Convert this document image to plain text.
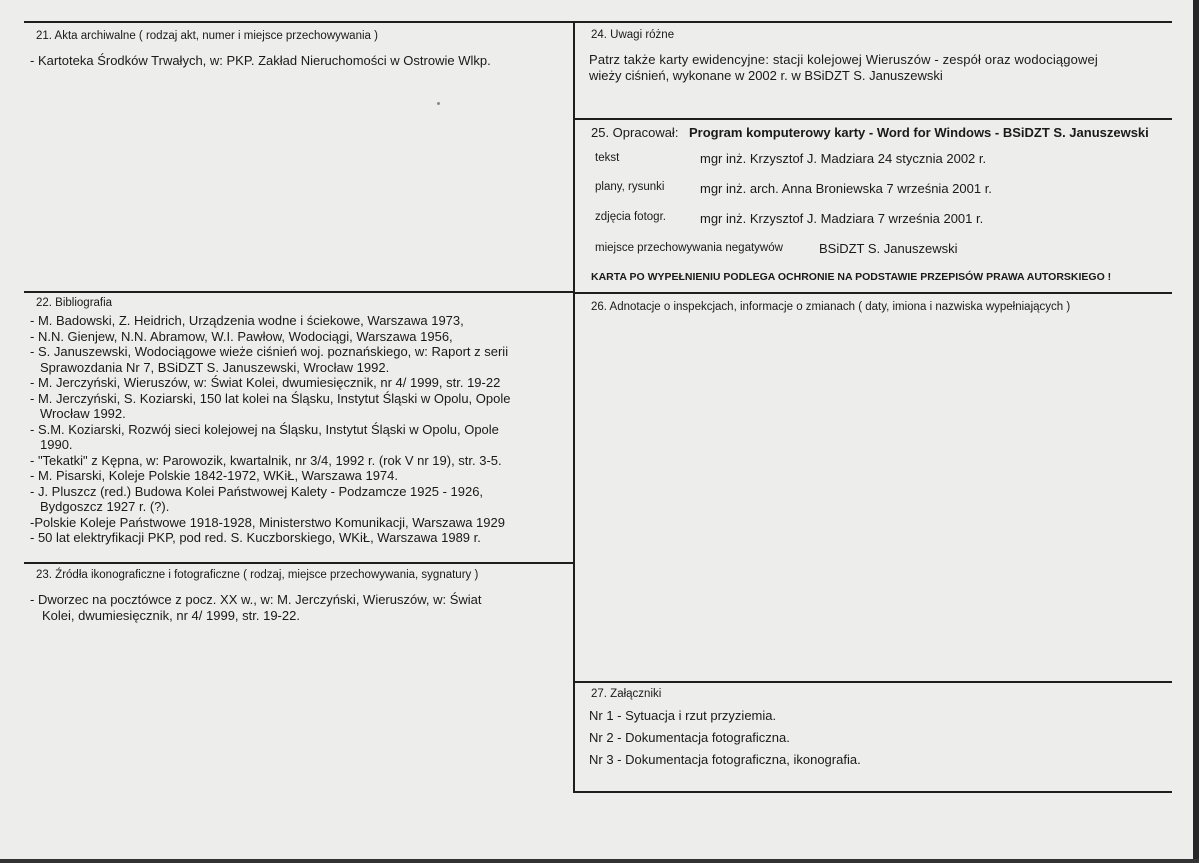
21. Akta archiwalne ( rodzaj akt, numer i miejsce przechowywania )
- Kartoteka Środków Trwałych, w: PKP. Zakład Nieruchomości w Ostrowie Wlkp.
22. Bibliografia
- M. Badowski, Z. Heidrich, Urządzenia wodne i ściekowe, Warszawa 1973,
- N.N. Gienjew, N.N. Abramow, W.I. Pawłow, Wodociągi, Warszawa 1956,
- S. Januszewski, Wodociągowe wieże ciśnień woj. poznańskiego, w: Raport z serii
Sprawozdania Nr 7, BSiDZT S. Januszewski, Wrocław 1992.
- M. Jerczyński, Wieruszów, w: Świat Kolei, dwumiesięcznik, nr 4/ 1999, str. 19-22
- M. Jerczyński, S. Koziarski, 150 lat kolei na Śląsku, Instytut Śląski w Opolu, Opole
Wrocław 1992.
- S.M. Koziarski, Rozwój sieci kolejowej na Śląsku, Instytut Śląski w Opolu, Opole
1990.
- "Tekatki" z Kępna, w: Parowozik, kwartalnik, nr 3/4, 1992 r. (rok V nr 19), str. 3-5.
- M. Pisarski, Koleje Polskie 1842-1972, WKiŁ, Warszawa 1974.
- J. Pluszcz (red.) Budowa Kolei Państwowej Kalety - Podzamcze 1925 - 1926,
Bydgoszcz 1927 r. (?).
-Polskie Koleje Państwowe 1918-1928, Ministerstwo Komunikacji, Warszawa 1929
- 50 lat elektryfikacji PKP, pod red. S. Kuczborskiego, WKiŁ, Warszawa 1989 r.
23. Źródła ikonograficzne i fotograficzne ( rodzaj, miejsce przechowywania, sygnatury )
- Dworzec na pocztówce z pocz. XX w., w: M. Jerczyński, Wieruszów, w: Świat
Kolei, dwumiesięcznik, nr 4/ 1999, str. 19-22.
24. Uwagi różne
Patrz także karty ewidencyjne: stacji kolejowej Wieruszów - zespół oraz wodociągowej
wieży ciśnień, wykonane w 2002 r. w BSiDZT S. Januszewski
25. Opracował: Program komputerowy karty - Word for Windows - BSiDZT S. Januszewski
tekst	mgr inż. Krzysztof J. Madziara 24 stycznia 2002 r.
plany, rysunki	mgr inż. arch. Anna Broniewska 7 września 2001 r.
zdjęcia fotogr.	mgr inż. Krzysztof J. Madziara 7 września 2001 r.
miejsce przechowywania negatywów	BSiDZT S. Januszewski
KARTA PO WYPEŁNIENIU PODLEGA OCHRONIE NA PODSTAWIE PRZEPISÓW PRAWA AUTORSKIEGO !
26. Adnotacje o inspekcjach, informacje o zmianach ( daty, imiona i nazwiska wypełniających )
27. Załączniki
Nr 1 - Sytuacja i rzut przyziemia.
Nr 2 - Dokumentacja fotograficzna.
Nr 3 - Dokumentacja fotograficzna, ikonografia.
